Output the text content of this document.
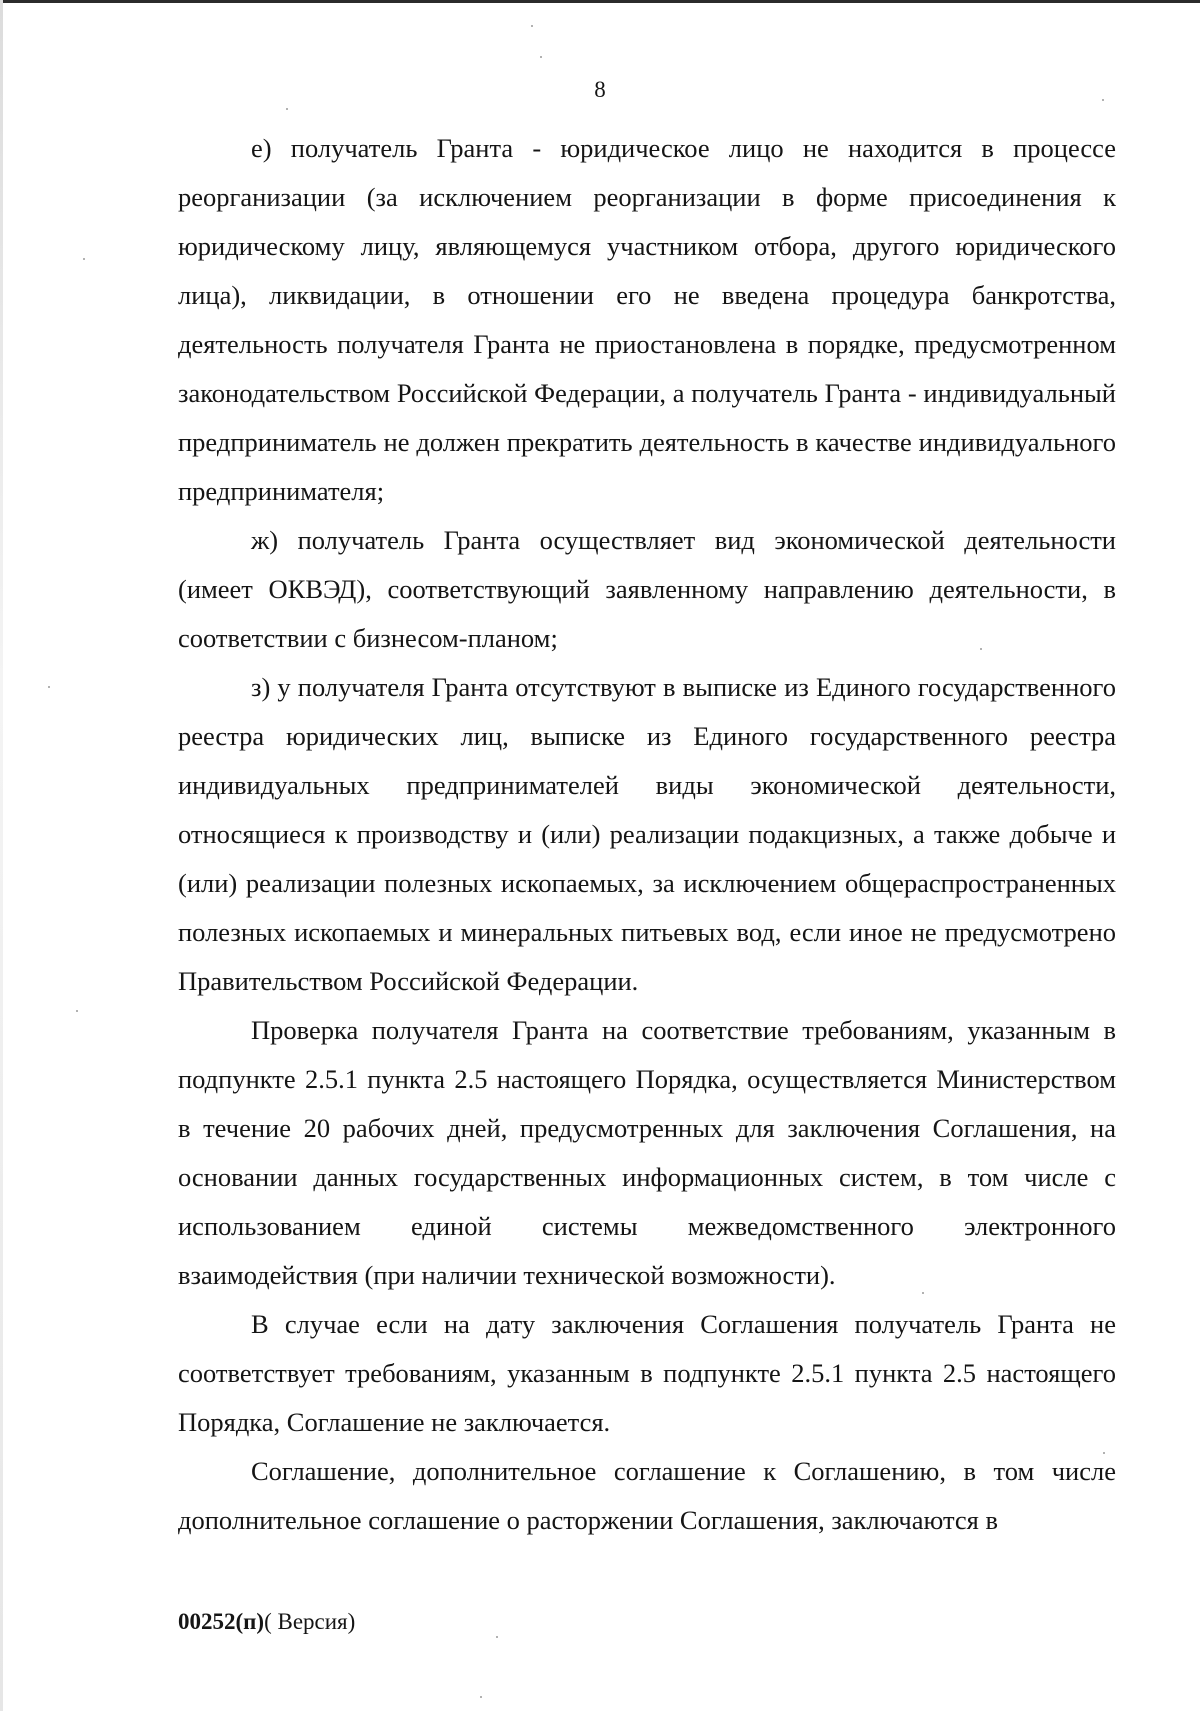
8

е) получатель Гранта - юридическое лицо не находится в процессе реорганизации (за исключением реорганизации в форме присоединения к юридическому лицу, являющемуся участником отбора, другого юридического лица), ликвидации, в отношении его не введена процедура банкротства, деятельность получателя Гранта не приостановлена в порядке, предусмотренном законодательством Российской Федерации, а получатель Гранта - индивидуальный предприниматель не должен прекратить деятельность в качестве индивидуального предпринимателя;

ж) получатель Гранта осуществляет вид экономической деятельности (имеет ОКВЭД), соответствующий заявленному направлению деятельности, в соответствии с бизнесом-планом;

з) у получателя Гранта отсутствуют в выписке из Единого государственного реестра юридических лиц, выписке из Единого государственного реестра индивидуальных предпринимателей виды экономической деятельности, относящиеся к производству и (или) реализации подакцизных, а также добыче и (или) реализации полезных ископаемых, за исключением общераспространенных полезных ископаемых и минеральных питьевых вод, если иное не предусмотрено Правительством Российской Федерации.

Проверка получателя Гранта на соответствие требованиям, указанным в подпункте 2.5.1 пункта 2.5 настоящего Порядка, осуществляется Министерством в течение 20 рабочих дней, предусмотренных для заключения Соглашения, на основании данных государственных информационных систем, в том числе с использованием единой системы межведомственного электронного взаимодействия (при наличии технической возможности).

В случае если на дату заключения Соглашения получатель Гранта не соответствует требованиям, указанным в подпункте 2.5.1 пункта 2.5 настоящего Порядка, Соглашение не заключается.

Соглашение, дополнительное соглашение к Соглашению, в том числе дополнительное соглашение о расторжении Соглашения, заключаются в

00252(п)( Версия)
